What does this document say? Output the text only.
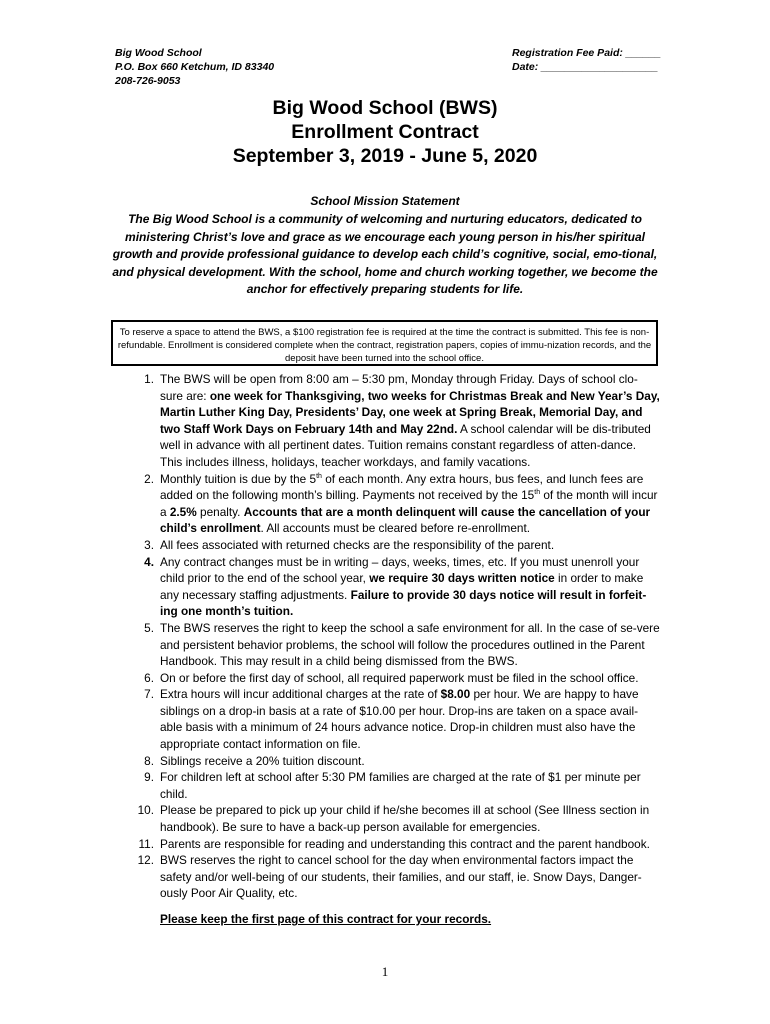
Big Wood School
P.O. Box 660 Ketchum, ID 83340
208-726-9053
Registration Fee Paid: ______
Date: ____________________
Big Wood School (BWS)
Enrollment Contract
September 3, 2019 - June 5, 2020
School Mission Statement
The Big Wood School is a community of welcoming and nurturing educators, dedicated to ministering Christ’s love and grace as we encourage each young person in his/her spiritual growth and provide professional guidance to develop each child’s cognitive, social, emo-tional, and physical development. With the school, home and church working together, we become the anchor for effectively preparing students for life.
To reserve a space to attend the BWS, a $100 registration fee is required at the time the contract is submitted. This fee is non-refundable. Enrollment is considered complete when the contract, registration papers, copies of immu-nization records, and the deposit have been turned into the school office.
1. The BWS will be open from 8:00 am – 5:30 pm, Monday through Friday. Days of school clo-sure are: one week for Thanksgiving, two weeks for Christmas Break and New Year’s Day, Martin Luther King Day, Presidents’ Day, one week at Spring Break, Memorial Day, and two Staff Work Days on February 14th and May 22nd. A school calendar will be dis-tributed well in advance with all pertinent dates. Tuition remains constant regardless of atten-dance. This includes illness, holidays, teacher workdays, and family vacations.
2. Monthly tuition is due by the 5th of each month. Any extra hours, bus fees, and lunch fees are added on the following month’s billing. Payments not received by the 15th of the month will incur a 2.5% penalty. Accounts that are a month delinquent will cause the cancellation of your child’s enrollment. All accounts must be cleared before re-enrollment.
3. All fees associated with returned checks are the responsibility of the parent.
4. Any contract changes must be in writing – days, weeks, times, etc. If you must unenroll your child prior to the end of the school year, we require 30 days written notice in order to make any necessary staffing adjustments. Failure to provide 30 days notice will result in forfeit-ing one month’s tuition.
5. The BWS reserves the right to keep the school a safe environment for all. In the case of se-vere and persistent behavior problems, the school will follow the procedures outlined in the Parent Handbook. This may result in a child being dismissed from the BWS.
6. On or before the first day of school, all required paperwork must be filed in the school office.
7. Extra hours will incur additional charges at the rate of $8.00 per hour. We are happy to have siblings on a drop-in basis at a rate of $10.00 per hour. Drop-ins are taken on a space avail-able basis with a minimum of 24 hours advance notice. Drop-in children must also have the appropriate contact information on file.
8. Siblings receive a 20% tuition discount.
9. For children left at school after 5:30 PM families are charged at the rate of $1 per minute per child.
10. Please be prepared to pick up your child if he/she becomes ill at school (See Illness section in handbook). Be sure to have a back-up person available for emergencies.
11. Parents are responsible for reading and understanding this contract and the parent handbook.
12. BWS reserves the right to cancel school for the day when environmental factors impact the safety and/or well-being of our students, their families, and our staff, ie. Snow Days, Danger-ously Poor Air Quality, etc.
Please keep the first page of this contract for your records.
1
